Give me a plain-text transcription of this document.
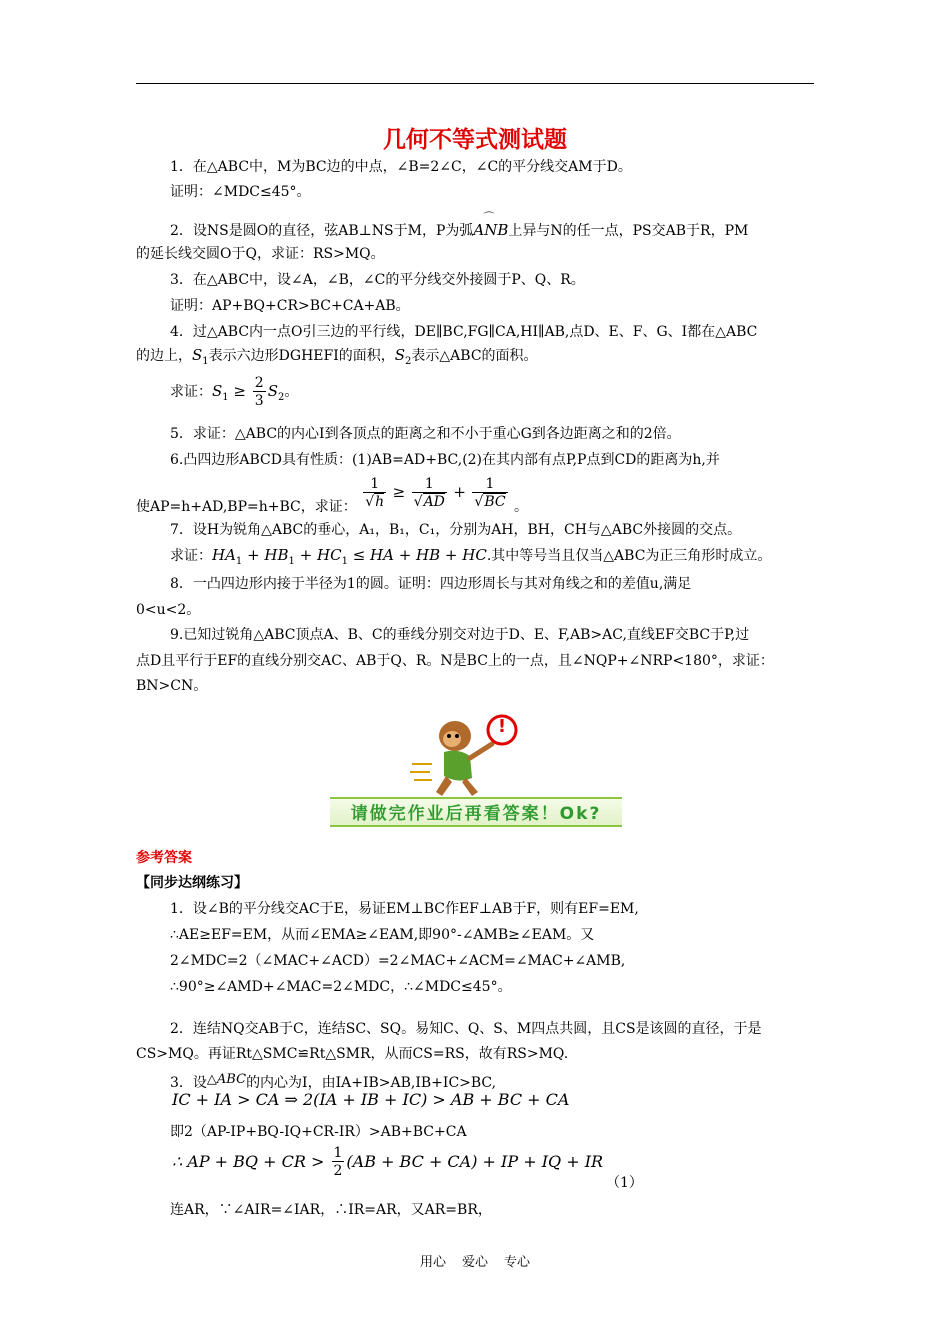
几何不等式测试题
1．在△ABC中，M为BC边的中点，∠B=2∠C，∠C的平分线交AM于D。
证明：∠MDC≤45°。
2．设NS是圆O的直径，弦AB⊥NS于M，P为弧
⌒
ANB上异与N的任一点，PS交AB于R，PM
的延长线交圆O于Q，求证：RS>MQ。
3．在△ABC中，设∠A，∠B，∠C的平分线交外接圆于P、Q、R。
证明：AP+BQ+CR>BC+CA+AB。
4．过△ABC内一点O引三边的平行线，DE∥BC,FG∥CA,HI∥AB,点D、E、F、G、I都在△ABC
的边上，$S_1$表示六边形DGHEFI的面积，$S_2$表示△ABC的面积。
求证：$S_1 \ge \frac{2}{3} S_2$。
5．求证：△ABC的内心I到各顶点的距离之和不小于重心G到各边距离之和的2倍。
6.凸四边形ABCD具有性质：(1)AB=AD+BC,(2)在其内部有点P,P点到CD的距离为h,并
使AP=h+AD,BP=h+BC，求证： $\frac{1}{√h} \ge \frac{1}{√AD} + \frac{1}{√BC}$ 。
7．设H为锐角△ABC的垂心，A₁，B₁，C₁，分别为AH，BH，CH与△ABC外接圆的交点。
求证：$HA_1 + HB_1 + HC_1$ ≤ HA + HB + HC.其中等号当且仅当△ABC为正三角形时成立。
8．一凸四边形内接于半径为1的圆。证明：四边形周长与其对角线之和的差值u,满足
0<u<2。
9.已知过锐角△ABC顶点A、B、C的垂线分别交对边于D、E、F,AB>AC,直线EF交BC于P,过
点D且平行于EF的直线分别交AC、AB于Q、R。N是BC上的一点，且∠NQP+∠NRP<180°，求证：
BN>CN。
!
请做完作业后再看答案！Ok?
参考答案
【同步达纲练习】
1．设∠B的平分线交AC于E，易证EM⊥BC作EF⊥AB于F，则有EF=EM,
∴AE≥EF=EM，从而∠EMA≥∠EAM,即90°-∠AMB≥∠EAM。又
2∠MDC=2（∠MAC+∠ACD）=2∠MAC+∠ACM=∠MAC+∠AMB,
∴90°≥∠AMD+∠MAC=2∠MDC，∴∠MDC≤45°。
2．连结NQ交AB于C，连结SC、SQ。易知C、Q、S、M四点共圆，且CS是该圆的直径，于是
CS>MQ。再证Rt△SMC≌Rt△SMR，从而CS=RS，故有RS>MQ.
3．设△ABC的内心为I，由IA+IB>AB,IB+IC>BC,
IC + IA > CA ⇒ 2(IA + IB + IC) > AB + BC + CA
即2（AP-IP+BQ-IQ+CR-IR）>AB+BC+CA
∴ AP + BQ + CR > $\frac{1}{2} (AB$ + BC + CA) + IP + IQ + IR
（1）
连AR，∵∠AIR=∠IAR，∴IR=AR，又AR=BR，
用心 爱心 专心
